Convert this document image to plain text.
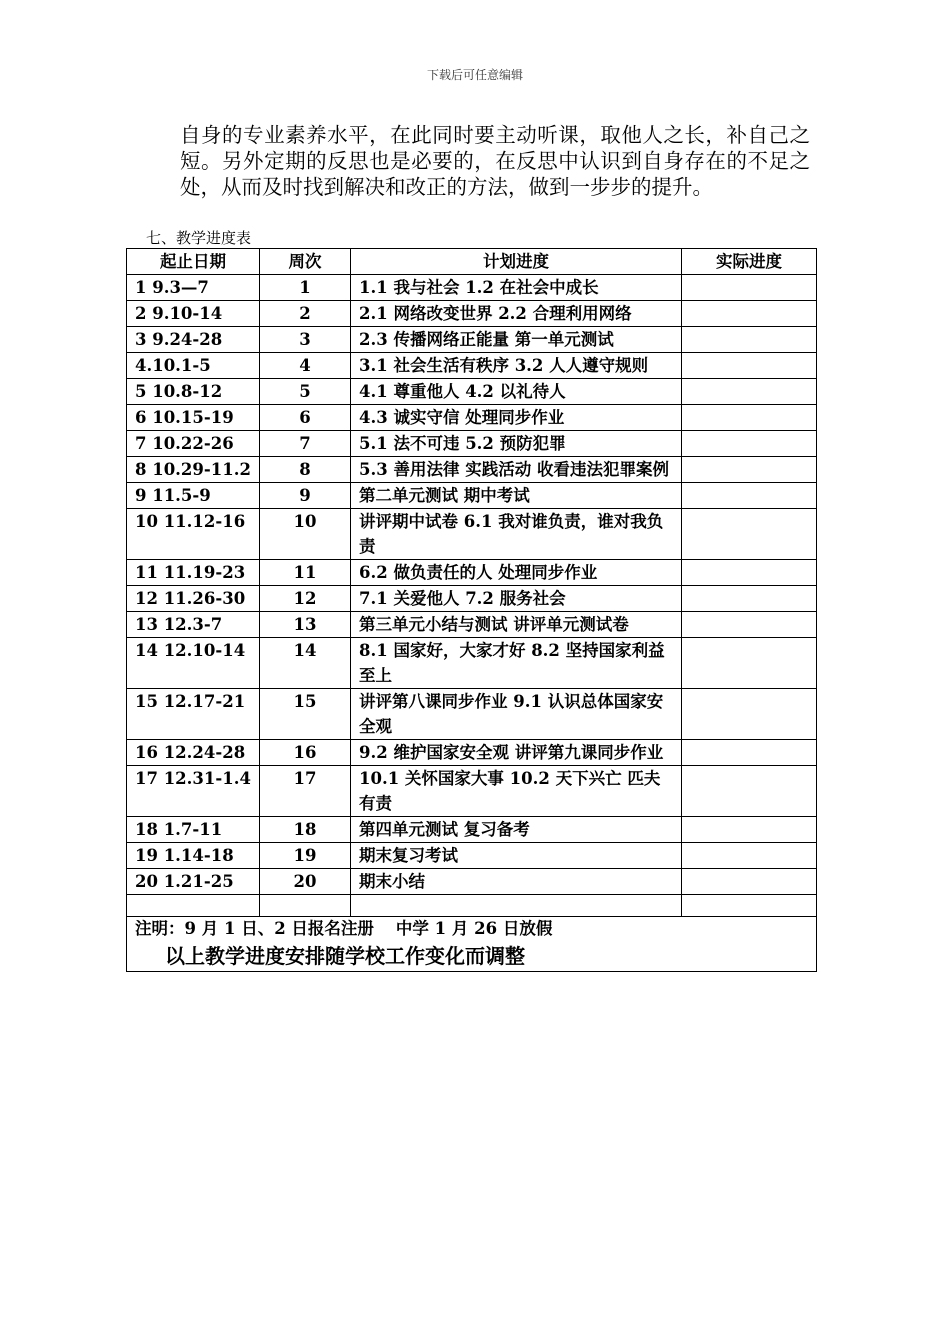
下载后可任意编辑
自身的专业素养水平，在此同时要主动听课，取他人之长，补自己之短。另外定期的反思也是必要的，在反思中认识到自身存在的不足之处，从而及时找到解决和改正的方法，做到一步步的提升。
七、教学进度表
起止日期	周次	计划进度	实际进度
1 9.3—7	1	1.1 我与社会 1.2 在社会中成长	
2 9.10-14	2	2.1 网络改变世界 2.2 合理利用网络	
3 9.24-28	3	2.3 传播网络正能量 第一单元测试	
4.10.1-5	4	3.1 社会生活有秩序 3.2 人人遵守规则	
5 10.8-12	5	4.1 尊重他人 4.2 以礼待人	
6 10.15-19	6	4.3 诚实守信 处理同步作业	
7 10.22-26	7	5.1 法不可违 5.2 预防犯罪	
8 10.29-11.2	8	5.3 善用法律 实践活动 收看违法犯罪案例	
9 11.5-9	9	第二单元测试 期中考试	
10 11.12-16	10	讲评期中试卷 6.1 我对谁负责，谁对我负责	
11 11.19-23	11	6.2 做负责任的人 处理同步作业	
12 11.26-30	12	7.1 关爱他人 7.2 服务社会	
13 12.3-7	13	第三单元小结与测试 讲评单元测试卷	
14 12.10-14	14	8.1 国家好，大家才好 8.2 坚持国家利益至上	
15 12.17-21	15	讲评第八课同步作业 9.1 认识总体国家安全观	
16 12.24-28	16	9.2 维护国家安全观 讲评第九课同步作业	
17 12.31-1.4	17	10.1 关怀国家大事 10.2 天下兴亡 匹夫有责	
18 1.7-11	18	第四单元测试 复习备考	
19 1.14-18	19	期末复习考试	
20 1.21-25	20	期末小结	

注明：9 月 1 日、2 日报名注册 中学 1 月 26 日放假
以上教学进度安排随学校工作变化而调整			
